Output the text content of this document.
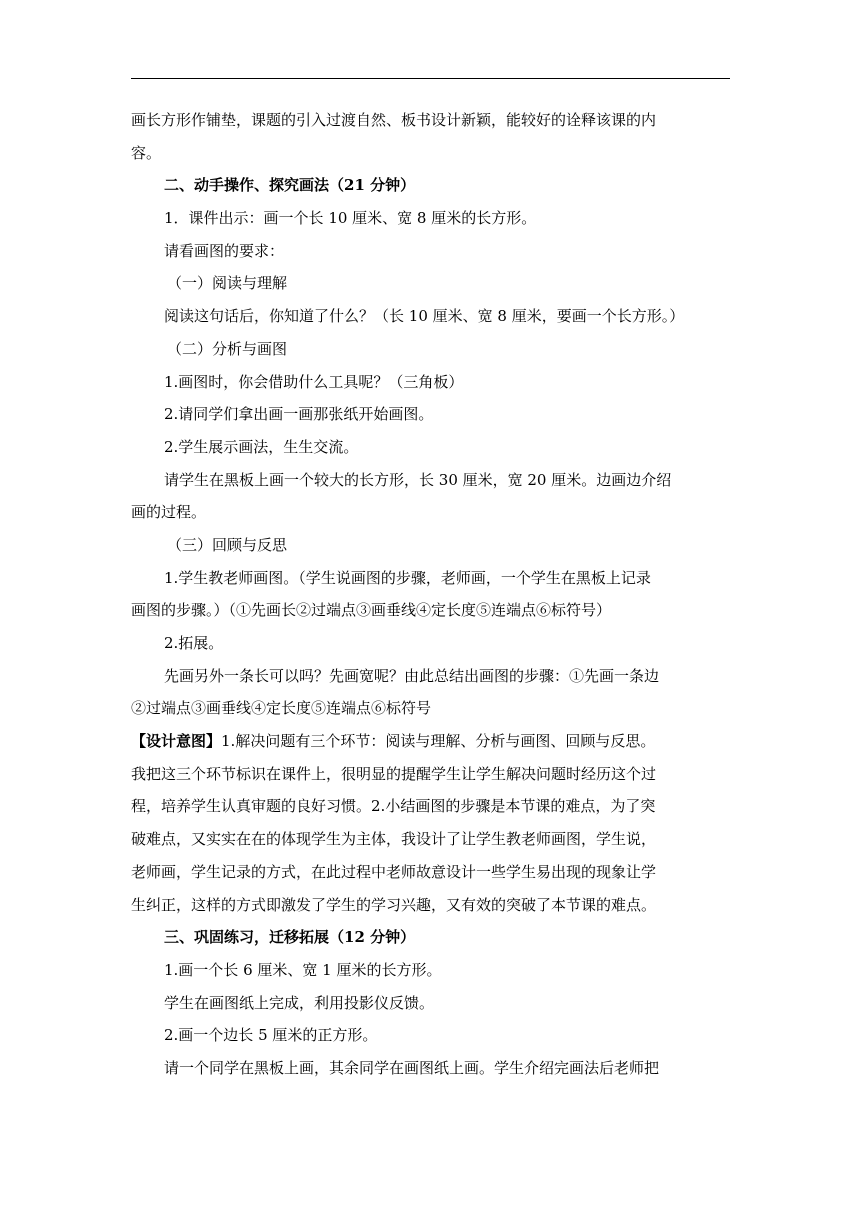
画长方形作铺垫，课题的引入过渡自然、板书设计新颖，能较好的诠释该课的内
容。
二、动手操作、探究画法（21 分钟）
1．课件出示：画一个长 10 厘米、宽 8 厘米的长方形。
请看画图的要求：
（一）阅读与理解
阅读这句话后，你知道了什么？（长 10 厘米、宽 8 厘米，要画一个长方形。）
（二）分析与画图
1.画图时，你会借助什么工具呢？（三角板）
2.请同学们拿出画一画那张纸开始画图。
2.学生展示画法，生生交流。
请学生在黑板上画一个较大的长方形，长 30 厘米，宽 20 厘米。边画边介绍
画的过程。
（三）回顾与反思
1.学生教老师画图。（学生说画图的步骤，老师画，一个学生在黑板上记录
画图的步骤。）（①先画长②过端点③画垂线④定长度⑤连端点⑥标符号）
2.拓展。
先画另外一条长可以吗？先画宽呢？由此总结出画图的步骤：①先画一条边
②过端点③画垂线④定长度⑤连端点⑥标符号
【设计意图】1.解决问题有三个环节：阅读与理解、分析与画图、回顾与反思。
我把这三个环节标识在课件上，很明显的提醒学生让学生解决问题时经历这个过
程，培养学生认真审题的良好习惯。2.小结画图的步骤是本节课的难点，为了突
破难点，又实实在在的体现学生为主体，我设计了让学生教老师画图，学生说，
老师画，学生记录的方式，在此过程中老师故意设计一些学生易出现的现象让学
生纠正，这样的方式即激发了学生的学习兴趣，又有效的突破了本节课的难点。
三、巩固练习，迁移拓展（12 分钟）
1.画一个长 6 厘米、宽 1 厘米的长方形。
学生在画图纸上完成，利用投影仪反馈。
2.画一个边长 5 厘米的正方形。
请一个同学在黑板上画，其余同学在画图纸上画。学生介绍完画法后老师把
